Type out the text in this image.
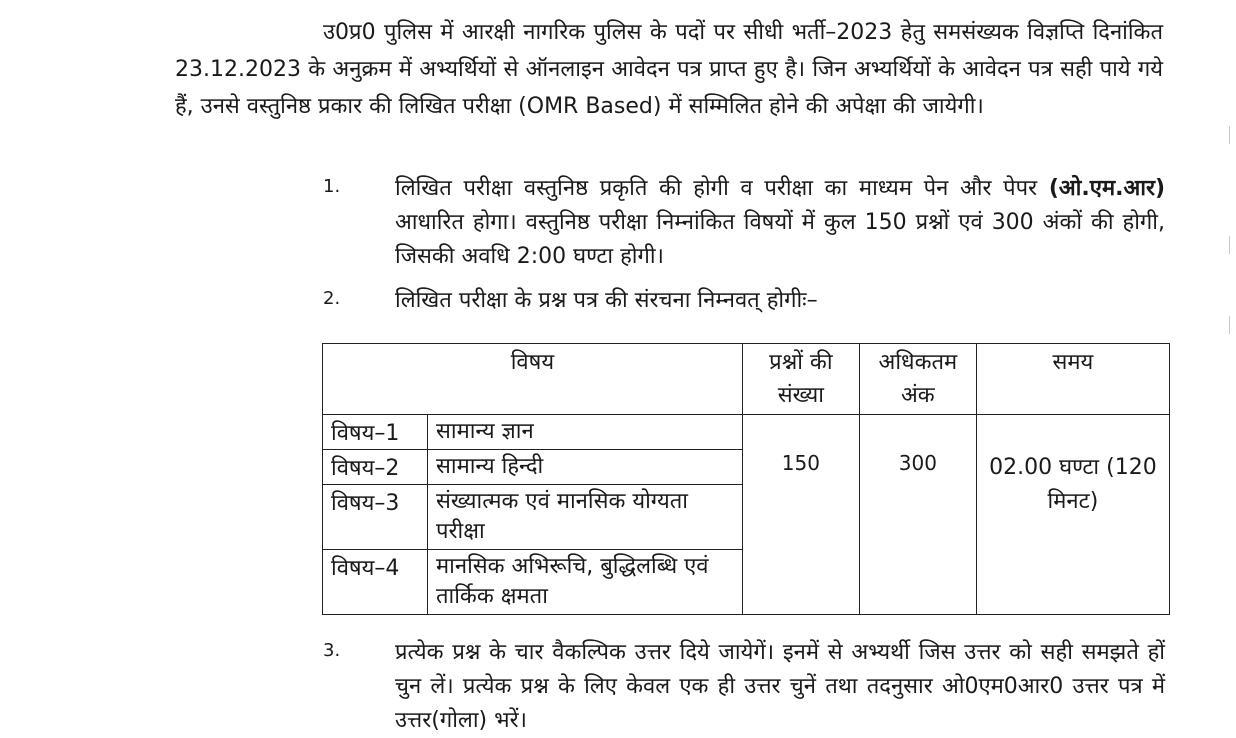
उ0प्र0 पुलिस में आरक्षी नागरिक पुलिस के पदों पर सीधी भर्ती–2023 हेतु समसंख्यक विज्ञप्ति दिनांकित 23.12.2023 के अनुक्रम में अभ्यर्थियों से ऑनलाइन आवेदन पत्र प्राप्त हुए है। जिन अभ्यर्थियों के आवेदन पत्र सही पाये गये हैं, उनसे वस्तुनिष्ठ प्रकार की लिखित परीक्षा (OMR Based) में सम्मिलित होने की अपेक्षा की जायेगी।

1.	लिखित परीक्षा वस्तुनिष्ठ प्रकृति की होगी व परीक्षा का माध्यम पेन और पेपर (ओ.एम.आर) आधारित होगा। वस्तुनिष्ठ परीक्षा निम्नांकित विषयों में कुल 150 प्रश्नों एवं 300 अंकों की होगी, जिसकी अवधि 2:00 घण्टा होगी।

2.	लिखित परीक्षा के प्रश्न पत्र की संरचना निम्नवत् होगीः–

विषय		प्रश्नों की संख्या	अधिकतम अंक	समय
विषय–1	सामान्य ज्ञान	150	300	02.00 घण्टा (120 मिनट)
विषय–2	सामान्य हिन्दी			
विषय–3	संख्यात्मक एवं मानसिक योग्यता परीक्षा			
विषय–4	मानसिक अभिरूचि, बुद्धिलब्धि एवं तार्किक क्षमता			
3.	प्रत्येक प्रश्न के चार वैकल्पिक उत्तर दिये जायेगें। इनमें से अभ्यर्थी जिस उत्तर को सही समझते हों चुन लें। प्रत्येक प्रश्न के लिए केवल एक ही उत्तर चुनें तथा तदनुसार ओ0एम0आर0 उत्तर पत्र में उत्तर(गोला) भरें।
